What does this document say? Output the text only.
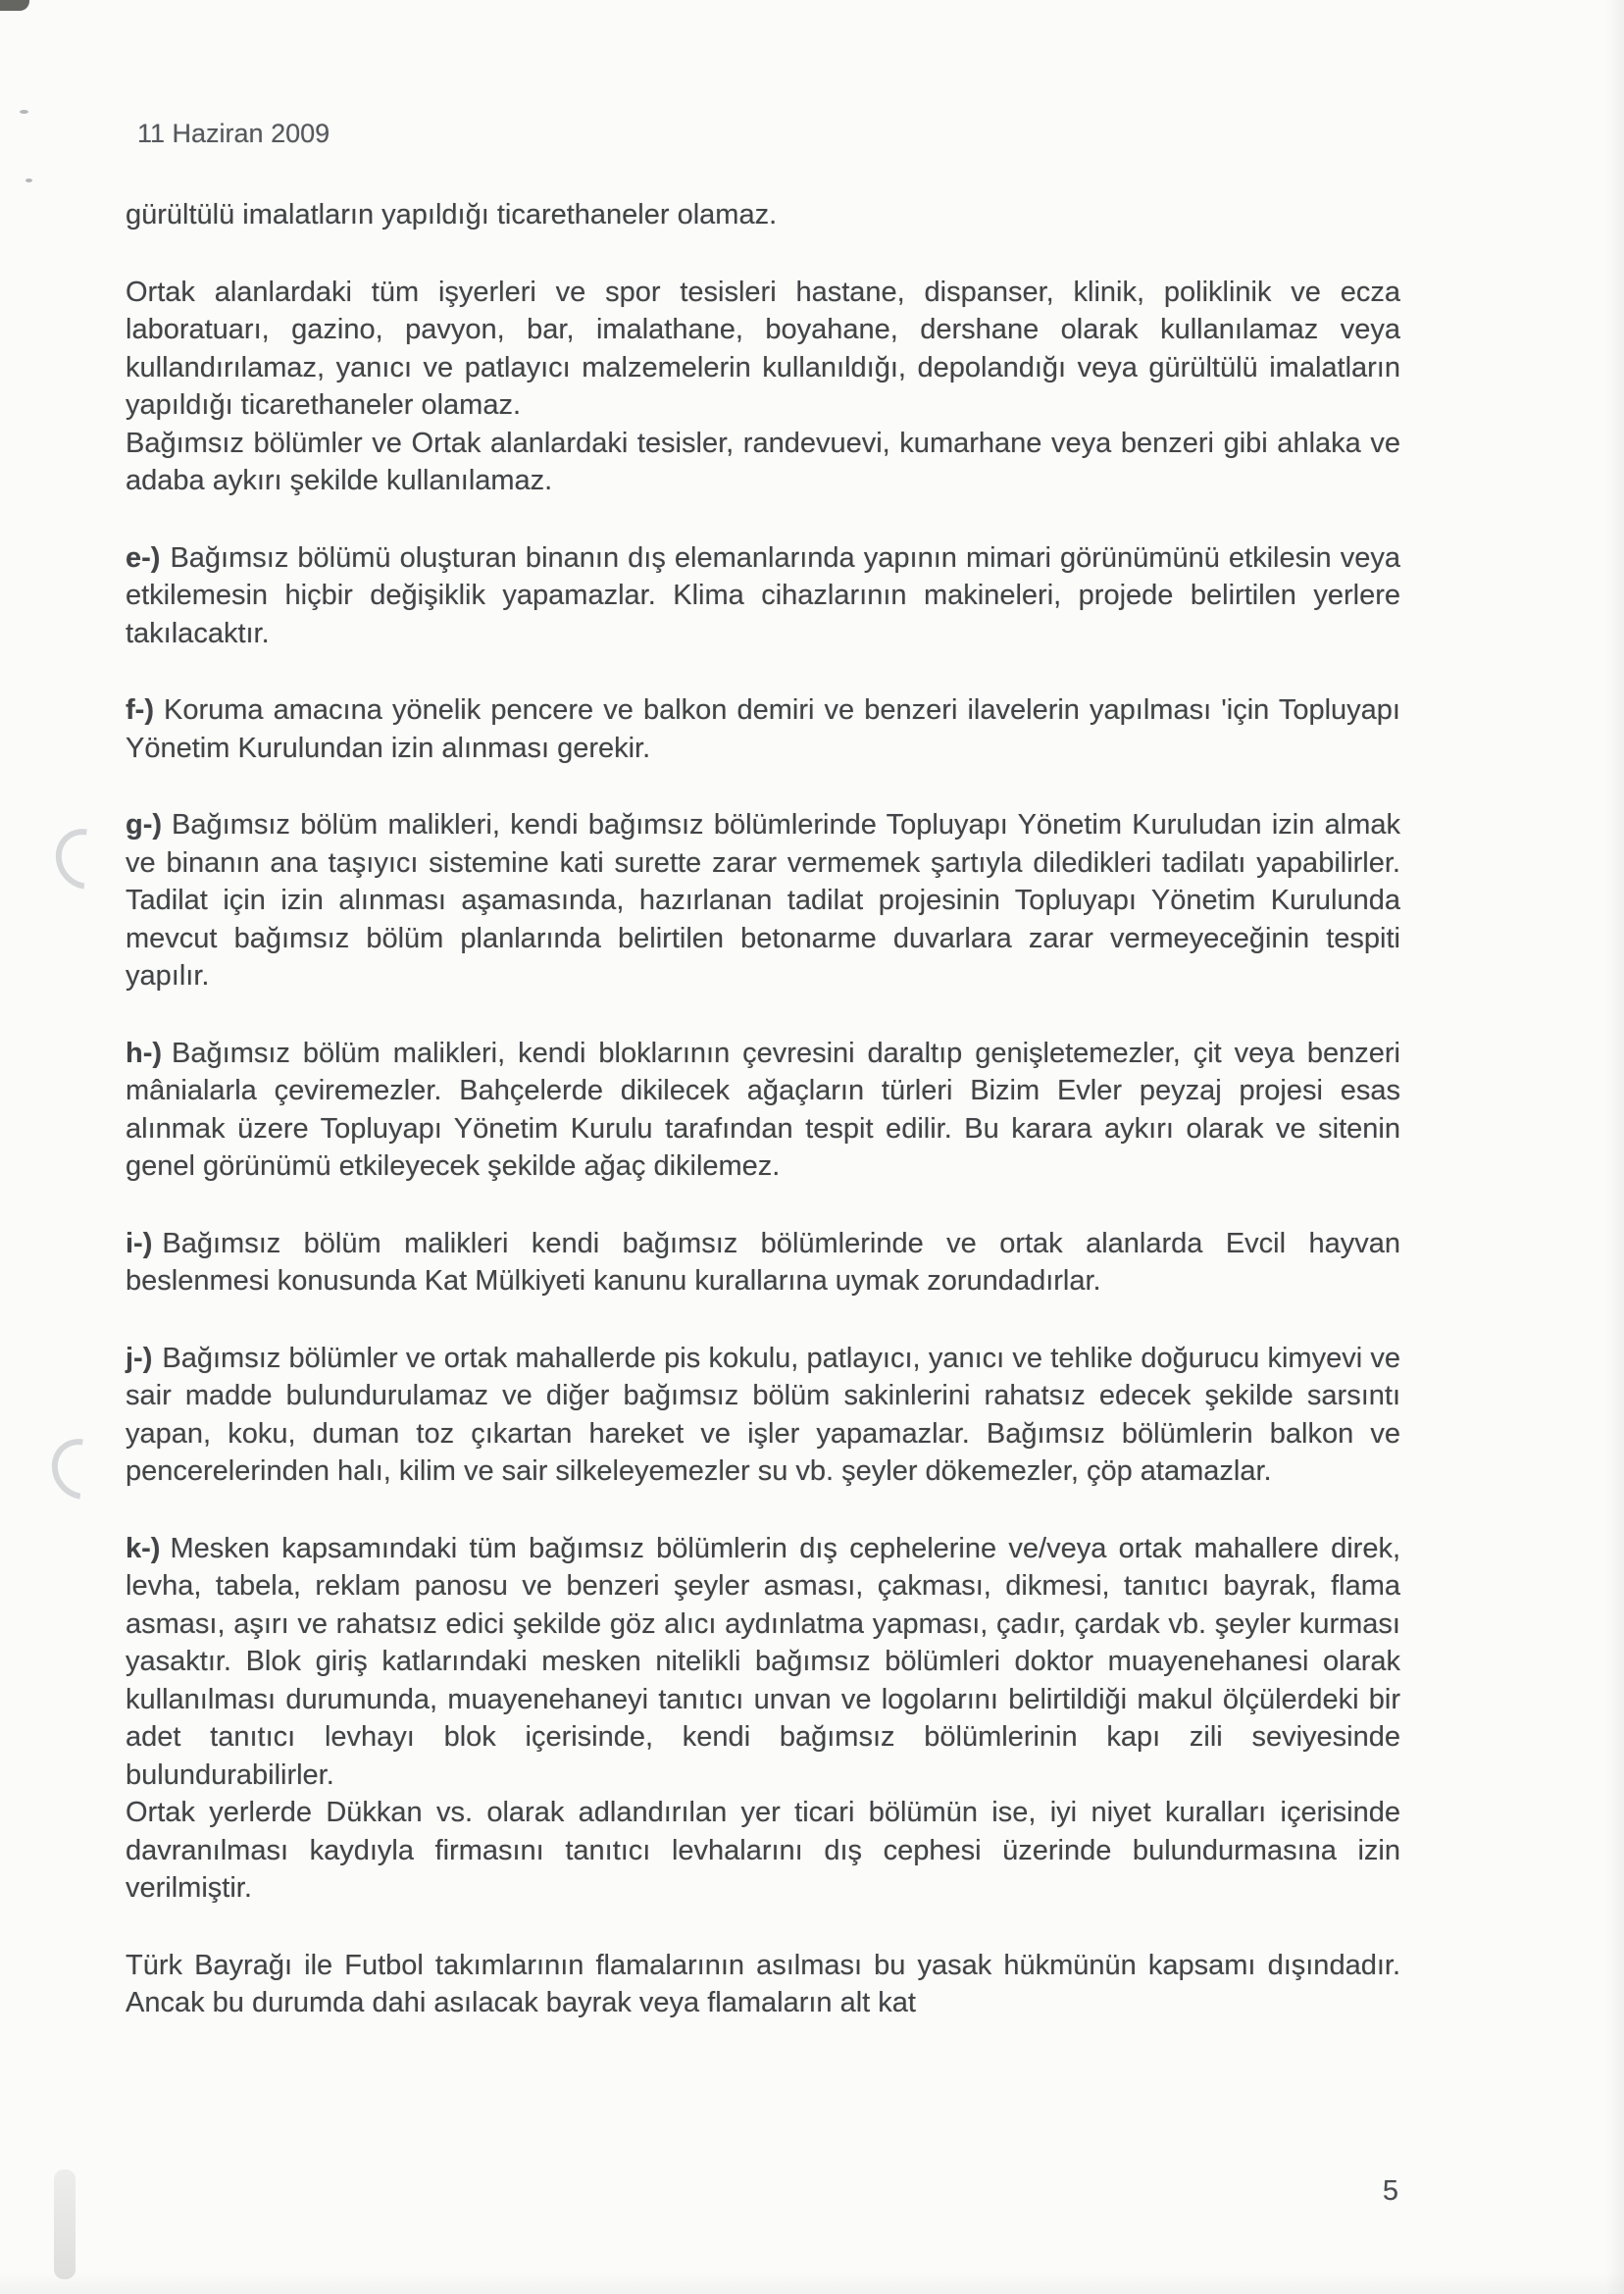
11 Haziran 2009

gürültülü imalatların yapıldığı ticarethaneler olamaz.

Ortak alanlardaki tüm işyerleri ve spor tesisleri hastane, dispanser, klinik, poliklinik ve ecza laboratuarı, gazino, pavyon, bar, imalathane, boyahane, dershane olarak kullanılamaz veya kullandırılamaz, yanıcı ve patlayıcı malzemelerin kullanıldığı, depolandığı veya gürültülü imalatların yapıldığı ticarethaneler olamaz.

Bağımsız bölümler ve Ortak alanlardaki tesisler, randevuevi, kumarhane veya benzeri gibi ahlaka ve adaba aykırı şekilde kullanılamaz.

e-) Bağımsız bölümü oluşturan binanın dış elemanlarında yapının mimari görünümünü etkilesin veya etkilemesin hiçbir değişiklik yapamazlar. Klima cihazlarının makineleri, projede belirtilen yerlere takılacaktır.

f-) Koruma amacına yönelik pencere ve balkon demiri ve benzeri ilavelerin yapılması 'için Topluyapı Yönetim Kurulundan izin alınması gerekir.

g-) Bağımsız bölüm malikleri, kendi bağımsız bölümlerinde Topluyapı Yönetim Kuruludan izin almak ve binanın ana taşıyıcı sistemine kati surette zarar vermemek şartıyla diledikleri tadilatı yapabilirler. Tadilat için izin alınması aşamasında, hazırlanan tadilat projesinin Topluyapı Yönetim Kurulunda mevcut bağımsız bölüm planlarında belirtilen betonarme duvarlara zarar vermeyeceğinin tespiti yapılır.

h-) Bağımsız bölüm malikleri, kendi bloklarının çevresini daraltıp genişletemezler, çit veya benzeri mânialarla çeviremezler. Bahçelerde dikilecek ağaçların türleri Bizim Evler peyzaj projesi esas alınmak üzere Topluyapı Yönetim Kurulu tarafından tespit edilir. Bu karara aykırı olarak ve sitenin genel görünümü etkileyecek şekilde ağaç dikilemez.

i-) Bağımsız bölüm malikleri kendi bağımsız bölümlerinde ve ortak alanlarda Evcil hayvan beslenmesi konusunda Kat Mülkiyeti kanunu kurallarına uymak zorundadırlar.

j-) Bağımsız bölümler ve ortak mahallerde pis kokulu, patlayıcı, yanıcı ve tehlike doğurucu kimyevi ve sair madde bulundurulamaz ve diğer bağımsız bölüm sakinlerini rahatsız edecek şekilde sarsıntı yapan, koku, duman toz çıkartan hareket ve işler yapamazlar. Bağımsız bölümlerin balkon ve pencerelerinden halı, kilim ve sair silkeleyemezler su vb. şeyler dökemezler, çöp atamazlar.

k-) Mesken kapsamındaki tüm bağımsız bölümlerin dış cephelerine ve/veya ortak mahallere direk, levha, tabela, reklam panosu ve benzeri şeyler asması, çakması, dikmesi, tanıtıcı bayrak, flama asması, aşırı ve rahatsız edici şekilde göz alıcı aydınlatma yapması, çadır, çardak vb. şeyler kurması yasaktır. Blok giriş katlarındaki mesken nitelikli bağımsız bölümleri doktor muayenehanesi olarak kullanılması durumunda, muayenehaneyi tanıtıcı unvan ve logolarını belirtildiği makul ölçülerdeki bir adet tanıtıcı levhayı blok içerisinde, kendi bağımsız bölümlerinin kapı zili seviyesinde bulundurabilirler.

Ortak yerlerde Dükkan vs. olarak adlandırılan yer ticari bölümün ise, iyi niyet kuralları içerisinde davranılması kaydıyla firmasını tanıtıcı levhalarını dış cephesi üzerinde bulundurmasına izin verilmiştir.

Türk Bayrağı ile Futbol takımlarının flamalarının asılması bu yasak hükmünün kapsamı dışındadır. Ancak bu durumda dahi asılacak bayrak veya flamaların alt kat

5
